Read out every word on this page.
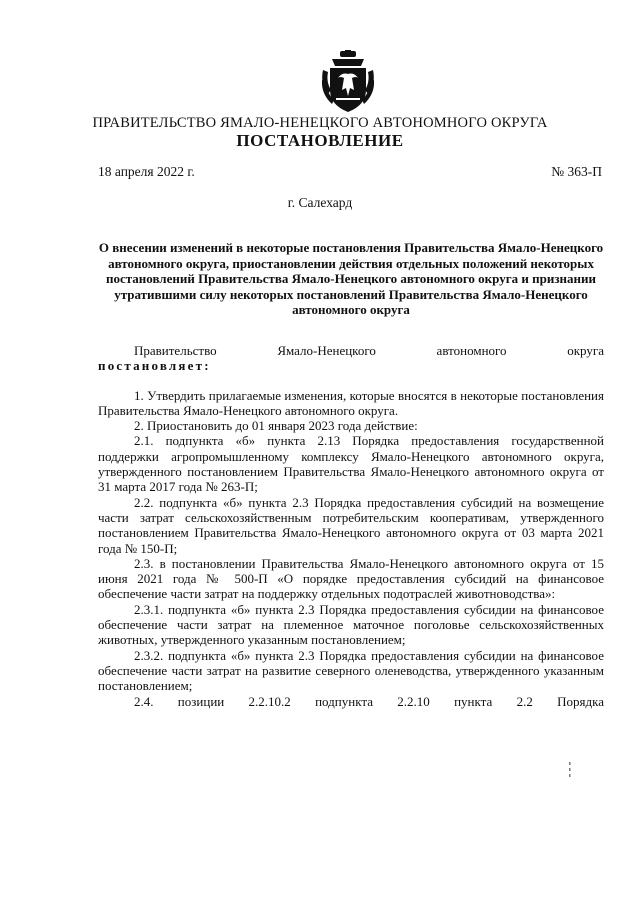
ПРАВИТЕЛЬСТВО ЯМАЛО-НЕНЕЦКОГО АВТОНОМНОГО ОКРУГА
ПОСТАНОВЛЕНИЕ
18 апреля 2022 г.	№ 363-П
г. Салехард
О внесении изменений в некоторые постановления Правительства Ямало-Ненецкого автономного округа, приостановлении действия отдельных положений некоторых постановлений Правительства Ямало-Ненецкого автономного округа и признании утратившими силу некоторых постановлений Правительства Ямало-Ненецкого автономного округа

Правительство Ямало-Ненецкого автономного округа

постановляет:

1. Утвердить прилагаемые изменения, которые вносятся в некоторые постановления Правительства Ямало-Ненецкого автономного округа.

2. Приостановить до 01 января 2023 года действие:

2.1. подпункта «б» пункта 2.13 Порядка предоставления государственной поддержки агропромышленному комплексу Ямало-Ненецкого автономного округа, утвержденного постановлением Правительства Ямало-Ненецкого автономного округа от 31 марта 2017 года № 263-П;

2.2. подпункта «б» пункта 2.3 Порядка предоставления субсидий на возмещение части затрат сельскохозяйственным потребительским кооперативам, утвержденного постановлением Правительства Ямало-Ненецкого автономного округа от 03 марта 2021 года № 150-П;

2.3. в постановлении Правительства Ямало-Ненецкого автономного округа от 15 июня 2021 года № 500-П «О порядке предоставления субсидий на финансовое обеспечение части затрат на поддержку отдельных подотраслей животноводства»:

2.3.1. подпункта «б» пункта 2.3 Порядка предоставления субсидии на финансовое обеспечение части затрат на племенное маточное поголовье сельскохозяйственных животных, утвержденного указанным постановлением;

2.3.2. подпункта «б» пункта 2.3 Порядка предоставления субсидии на финансовое обеспечение части затрат на развитие северного оленеводства, утвержденного указанным постановлением;

2.4. позиции 2.2.10.2 подпункта 2.2.10 пункта 2.2 Порядка
